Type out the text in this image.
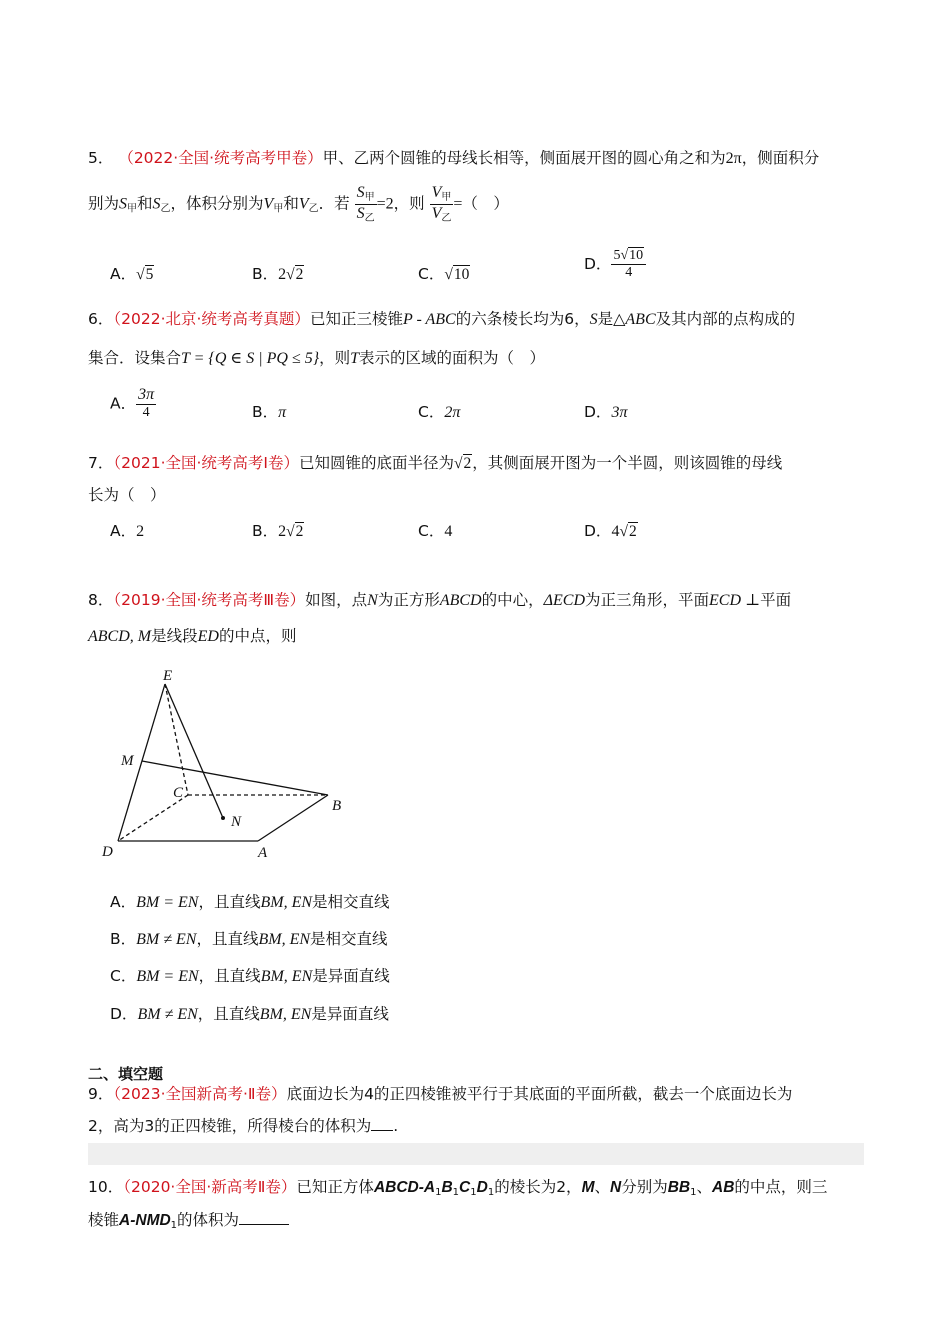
5． （2022·全国·统考高考甲卷）甲、乙两个圆锥的母线长相等，侧面展开图的圆心角之和为2π，侧面积分
别为$S_甲$和$S_乙$，体积分别为$V_甲$和$V_乙$．若 $\frac{S_甲}{S_乙} =2$，则 $\frac{V_甲}{V_乙}$ =（　）
A．√5	B．2√2	C．√10
D． $\frac{5√10}{4}$
6．（2022·北京·统考高考真题）已知正三棱锥P - ABC的六条棱长均为6，S是△ABC及其内部的点构成的
集合．设集合T = {Q ∈ S | PQ ≤ 5}，则T表示的区域的面积为（　）
A． $\frac{3\pi}{4}$	B．π	C．2π	D．3π
7．（2021·全国·统考高考Ⅰ卷）已知圆锥的底面半径为√2，其侧面展开图为一个半圆，则该圆锥的母线
长为（　）
A．2	B．2√2	C．4	D．4√2
8．（2019·全国·统考高考Ⅲ卷）如图，点N为正方形ABCD的中心，ΔECD为正三角形，平面ECD ⊥平面
ABCD, M是线段ED的中点，则
E
M
C
N
B
D	A
A．BM = EN，且直线BM, EN是相交直线
B．BM ≠ EN，且直线BM, EN是相交直线
C．BM = EN，且直线BM, EN是异面直线
D．BM ≠ EN，且直线BM, EN是异面直线
二、填空题
9．（2023·全国新高考·Ⅱ卷）底面边长为4的正四棱锥被平行于其底面的平面所截，截去一个底面边长为
2，高为3的正四棱锥，所得棱台的体积为 .
10．（2020·全国·新高考Ⅱ卷）已知正方体ABCD-A1B1C1D1的棱长为2，M、N分别为BB1、AB的中点，则三
棱锥A-NMD1的体积为
